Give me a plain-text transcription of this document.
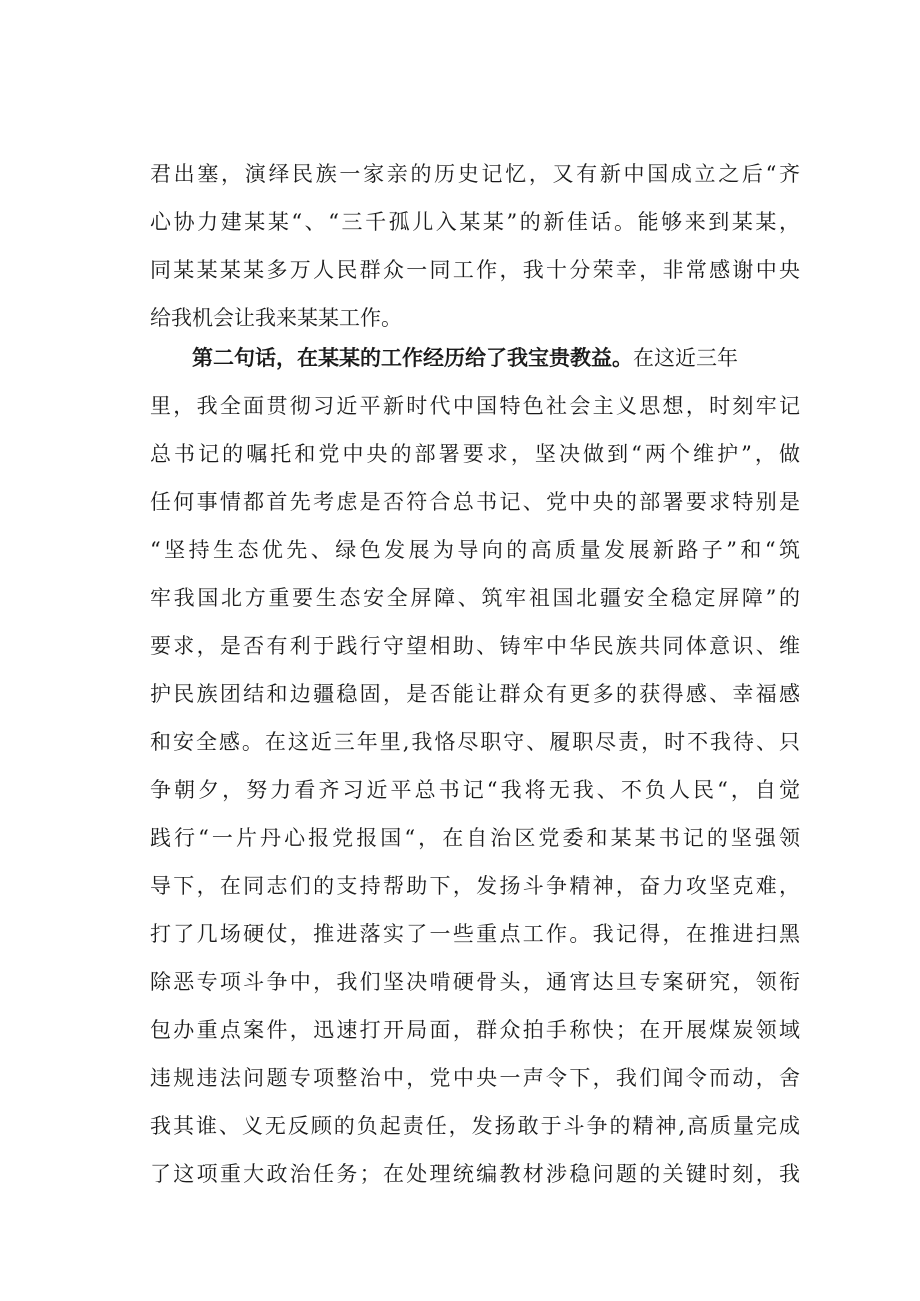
君出塞，演绎民族一家亲的历史记忆，又有新中国成立之后“齐
心协力建某某“、“三千孤儿入某某”的新佳话。能够来到某某，
同某某某某多万人民群众一同工作，我十分荣幸，非常感谢中央
给我机会让我来某某工作。
第二句话，在某某的工作经历给了我宝贵教益。在这近三年
里，我全面贯彻习近平新时代中国特色社会主义思想，时刻牢记
总书记的嘱托和党中央的部署要求，坚决做到“两个维护”，做
任何事情都首先考虑是否符合总书记、党中央的部署要求特别是
“坚持生态优先、绿色发展为导向的高质量发展新路子”和“筑
牢我国北方重要生态安全屏障、筑牢祖国北疆安全稳定屏障”的
要求，是否有利于践行守望相助、铸牢中华民族共同体意识、维
护民族团结和边疆稳固，是否能让群众有更多的获得感、幸福感
和安全感。在这近三年里,我恪尽职守、履职尽责，时不我待、只
争朝夕，努力看齐习近平总书记“我将无我、不负人民“，自觉
践行“一片丹心报党报国“，在自治区党委和某某书记的坚强领
导下，在同志们的支持帮助下，发扬斗争精神，奋力攻坚克难，
打了几场硬仗，推进落实了一些重点工作。我记得，在推进扫黑
除恶专项斗争中，我们坚决啃硬骨头，通宵达旦专案研究，领衔
包办重点案件，迅速打开局面，群众拍手称快；在开展煤炭领域
违规违法问题专项整治中，党中央一声令下，我们闻令而动，舍
我其谁、义无反顾的负起责任，发扬敢于斗争的精神,高质量完成
了这项重大政治任务；在处理统编教材涉稳问题的关键时刻，我
